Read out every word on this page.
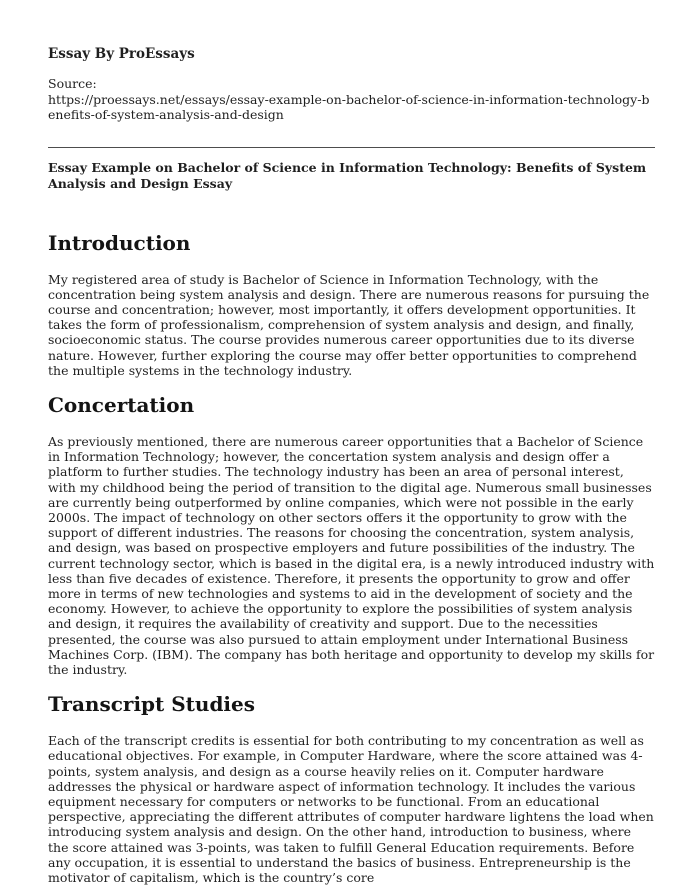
Essay By ProEssays

Source:
https://proessays.net/essays/essay-example-on-bachelor-of-science-in-information-technology-benefits-of-system-analysis-and-design

Essay Example on Bachelor of Science in Information Technology: Benefits of System Analysis and Design Essay

Introduction

My registered area of study is Bachelor of Science in Information Technology, with the concentration being system analysis and design. There are numerous reasons for pursuing the course and concentration; however, most importantly, it offers development opportunities. It takes the form of professionalism, comprehension of system analysis and design, and finally, socioeconomic status. The course provides numerous career opportunities due to its diverse nature. However, further exploring the course may offer better opportunities to comprehend the multiple systems in the technology industry.

Concertation

As previously mentioned, there are numerous career opportunities that a Bachelor of Science in Information Technology; however, the concertation system analysis and design offer a platform to further studies. The technology industry has been an area of personal interest, with my childhood being the period of transition to the digital age. Numerous small businesses are currently being outperformed by online companies, which were not possible in the early 2000s. The impact of technology on other sectors offers it the opportunity to grow with the support of different industries. The reasons for choosing the concentration, system analysis, and design, was based on prospective employers and future possibilities of the industry. The current technology sector, which is based in the digital era, is a newly introduced industry with less than five decades of existence. Therefore, it presents the opportunity to grow and offer more in terms of new technologies and systems to aid in the development of society and the economy. However, to achieve the opportunity to explore the possibilities of system analysis and design, it requires the availability of creativity and support. Due to the necessities presented, the course was also pursued to attain employment under International Business Machines Corp. (IBM). The company has both heritage and opportunity to develop my skills for the industry.

Transcript Studies

Each of the transcript credits is essential for both contributing to my concentration as well as educational objectives. For example, in Computer Hardware, where the score attained was 4-points, system analysis, and design as a course heavily relies on it. Computer hardware addresses the physical or hardware aspect of information technology. It includes the various equipment necessary for computers or networks to be functional. From an educational perspective, appreciating the different attributes of computer hardware lightens the load when introducing system analysis and design. On the other hand, introduction to business, where the score attained was 3-points, was taken to fulfill General Education requirements. Before any occupation, it is essential to understand the basics of business. Entrepreneurship is the motivator of capitalism, which is the country’s core
